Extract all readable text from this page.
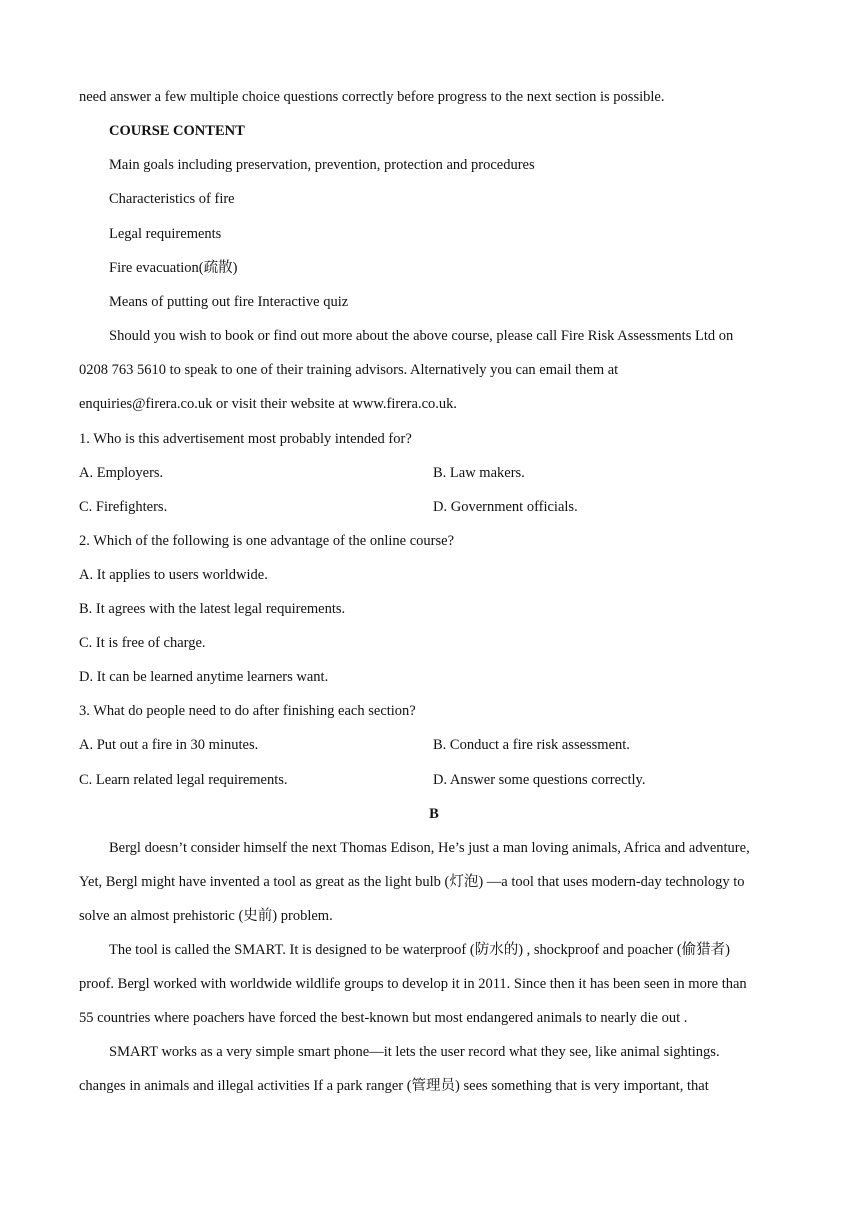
need answer a few multiple choice questions correctly before progress to the next section is possible.
COURSE CONTENT
Main goals including preservation, prevention, protection and procedures
Characteristics of fire
Legal requirements
Fire evacuation(疏散)
Means of putting out fire Interactive quiz
Should you wish to book or find out more about the above course, please call Fire Risk Assessments Ltd on
0208 763 5610 to speak to one of their training advisors. Alternatively you can email them at
enquiries@firera.co.uk or visit their website at www.firera.co.uk.
1. Who is this advertisement most probably intended for?
A. Employers.	B. Law makers.
C. Firefighters.	D. Government officials.
2. Which of the following is one advantage of the online course?
A. It applies to users worldwide.
B. It agrees with the latest legal requirements.
C. It is free of charge.
D. It can be learned anytime learners want.
3. What do people need to do after finishing each section?
A. Put out a fire in 30 minutes.	B. Conduct a fire risk assessment.
C. Learn related legal requirements.	D. Answer some questions correctly.
B
Bergl doesn’t consider himself the next Thomas Edison, He’s just a man loving animals, Africa and adventure,
Yet, Bergl might have invented a tool as great as the light bulb (灯泡) —a tool that uses modern-day technology to
solve an almost prehistoric (史前) problem.
The tool is called the SMART. It is designed to be waterproof (防水的) , shockproof and poacher (偷猎者)
proof. Bergl worked with worldwide wildlife groups to develop it in 2011. Since then it has been seen in more than
55 countries where poachers have forced the best-known but most endangered animals to nearly die out .
SMART works as a very simple smart phone—it lets the user record what they see, like animal sightings.
changes in animals and illegal activities If a park ranger (管理员) sees something that is very important, that
